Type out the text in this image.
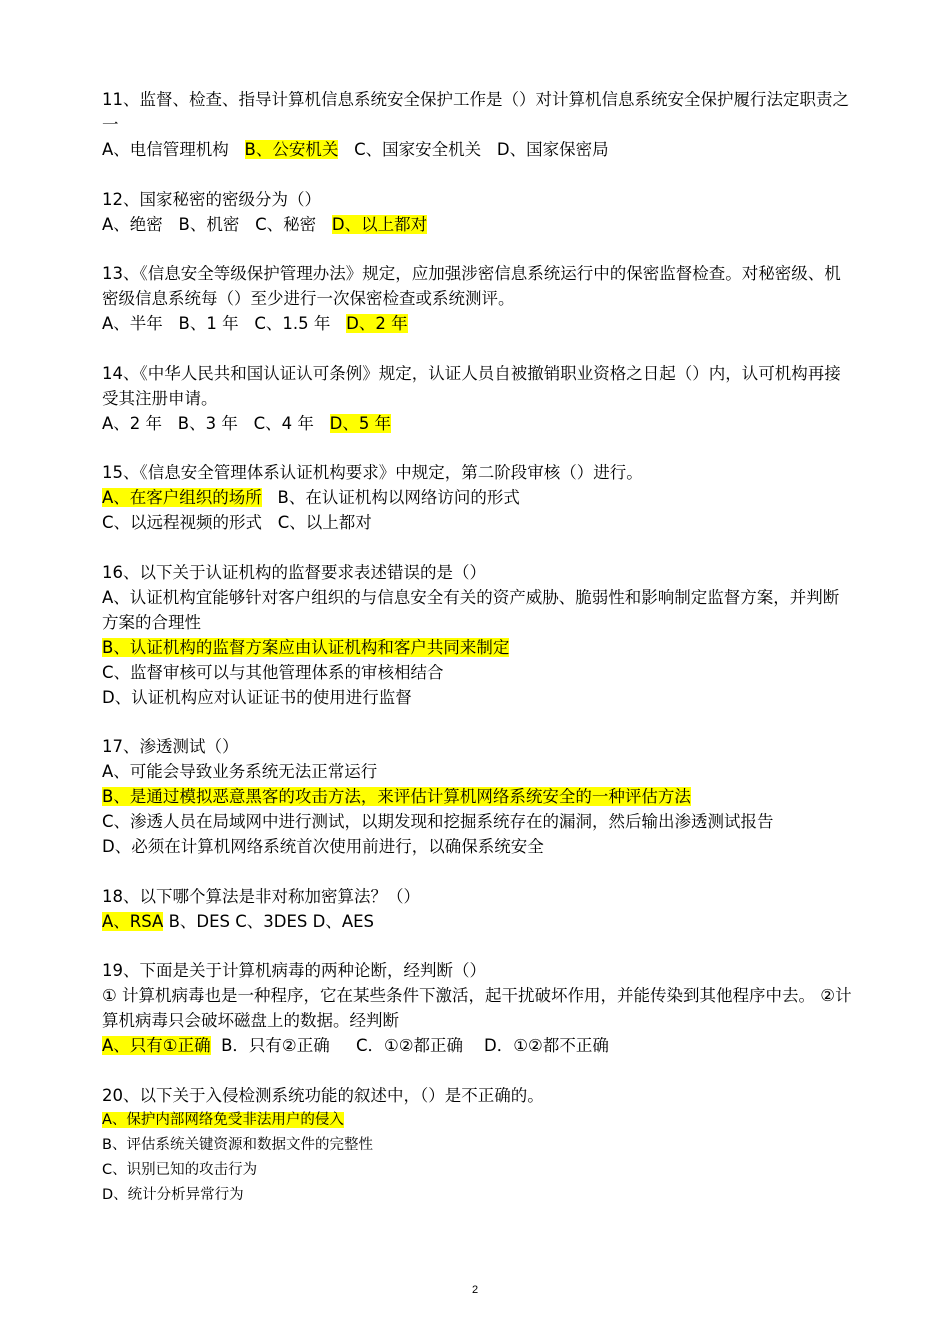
11、监督、检查、指导计算机信息系统安全保护工作是（）对计算机信息系统安全保护履行法定职责之一
A、电信管理机构 B、公安机关 C、国家安全机关 D、国家保密局
12、国家秘密的密级分为（）
A、绝密 B、机密 C、秘密 D、以上都对
13、《信息安全等级保护管理办法》规定，应加强涉密信息系统运行中的保密监督检查。对秘密级、机密级信息系统每（）至少进行一次保密检查或系统测评。
A、半年 B、1 年 C、1.5 年 D、2 年
14、《中华人民共和国认证认可条例》规定，认证人员自被撤销职业资格之日起（）内，认可机构再接受其注册申请。
A、2 年 B、3 年 C、4 年 D、5 年
15、《信息安全管理体系认证机构要求》中规定，第二阶段审核（）进行。
A、在客户组织的场所 B、在认证机构以网络访问的形式
C、以远程视频的形式 C、以上都对
16、以下关于认证机构的监督要求表述错误的是（）
A、认证机构宜能够针对客户组织的与信息安全有关的资产威胁、脆弱性和影响制定监督方案，并判断方案的合理性
B、认证机构的监督方案应由认证机构和客户共同来制定
C、监督审核可以与其他管理体系的审核相结合
D、认证机构应对认证证书的使用进行监督
17、渗透测试（）
A、可能会导致业务系统无法正常运行
B、是通过模拟恶意黑客的攻击方法，来评估计算机网络系统安全的一种评估方法
C、渗透人员在局域网中进行测试，以期发现和挖掘系统存在的漏洞，然后输出渗透测试报告
D、必须在计算机网络系统首次使用前进行，以确保系统安全
18、以下哪个算法是非对称加密算法？（）
A、RSA B、DES C、3DES D、AES
19、下面是关于计算机病毒的两种论断，经判断（）
① 计算机病毒也是一种程序，它在某些条件下激活，起干扰破坏作用，并能传染到其他程序中去。 ②计算机病毒只会破坏磁盘上的数据。经判断
A、只有①正确 B．只有②正确 C．①②都正确 D．①②都不正确
20、以下关于入侵检测系统功能的叙述中，（）是不正确的。
A、保护内部网络免受非法用户的侵入
B、评估系统关键资源和数据文件的完整性
C、识别已知的攻击行为
D、统计分析异常行为
2
